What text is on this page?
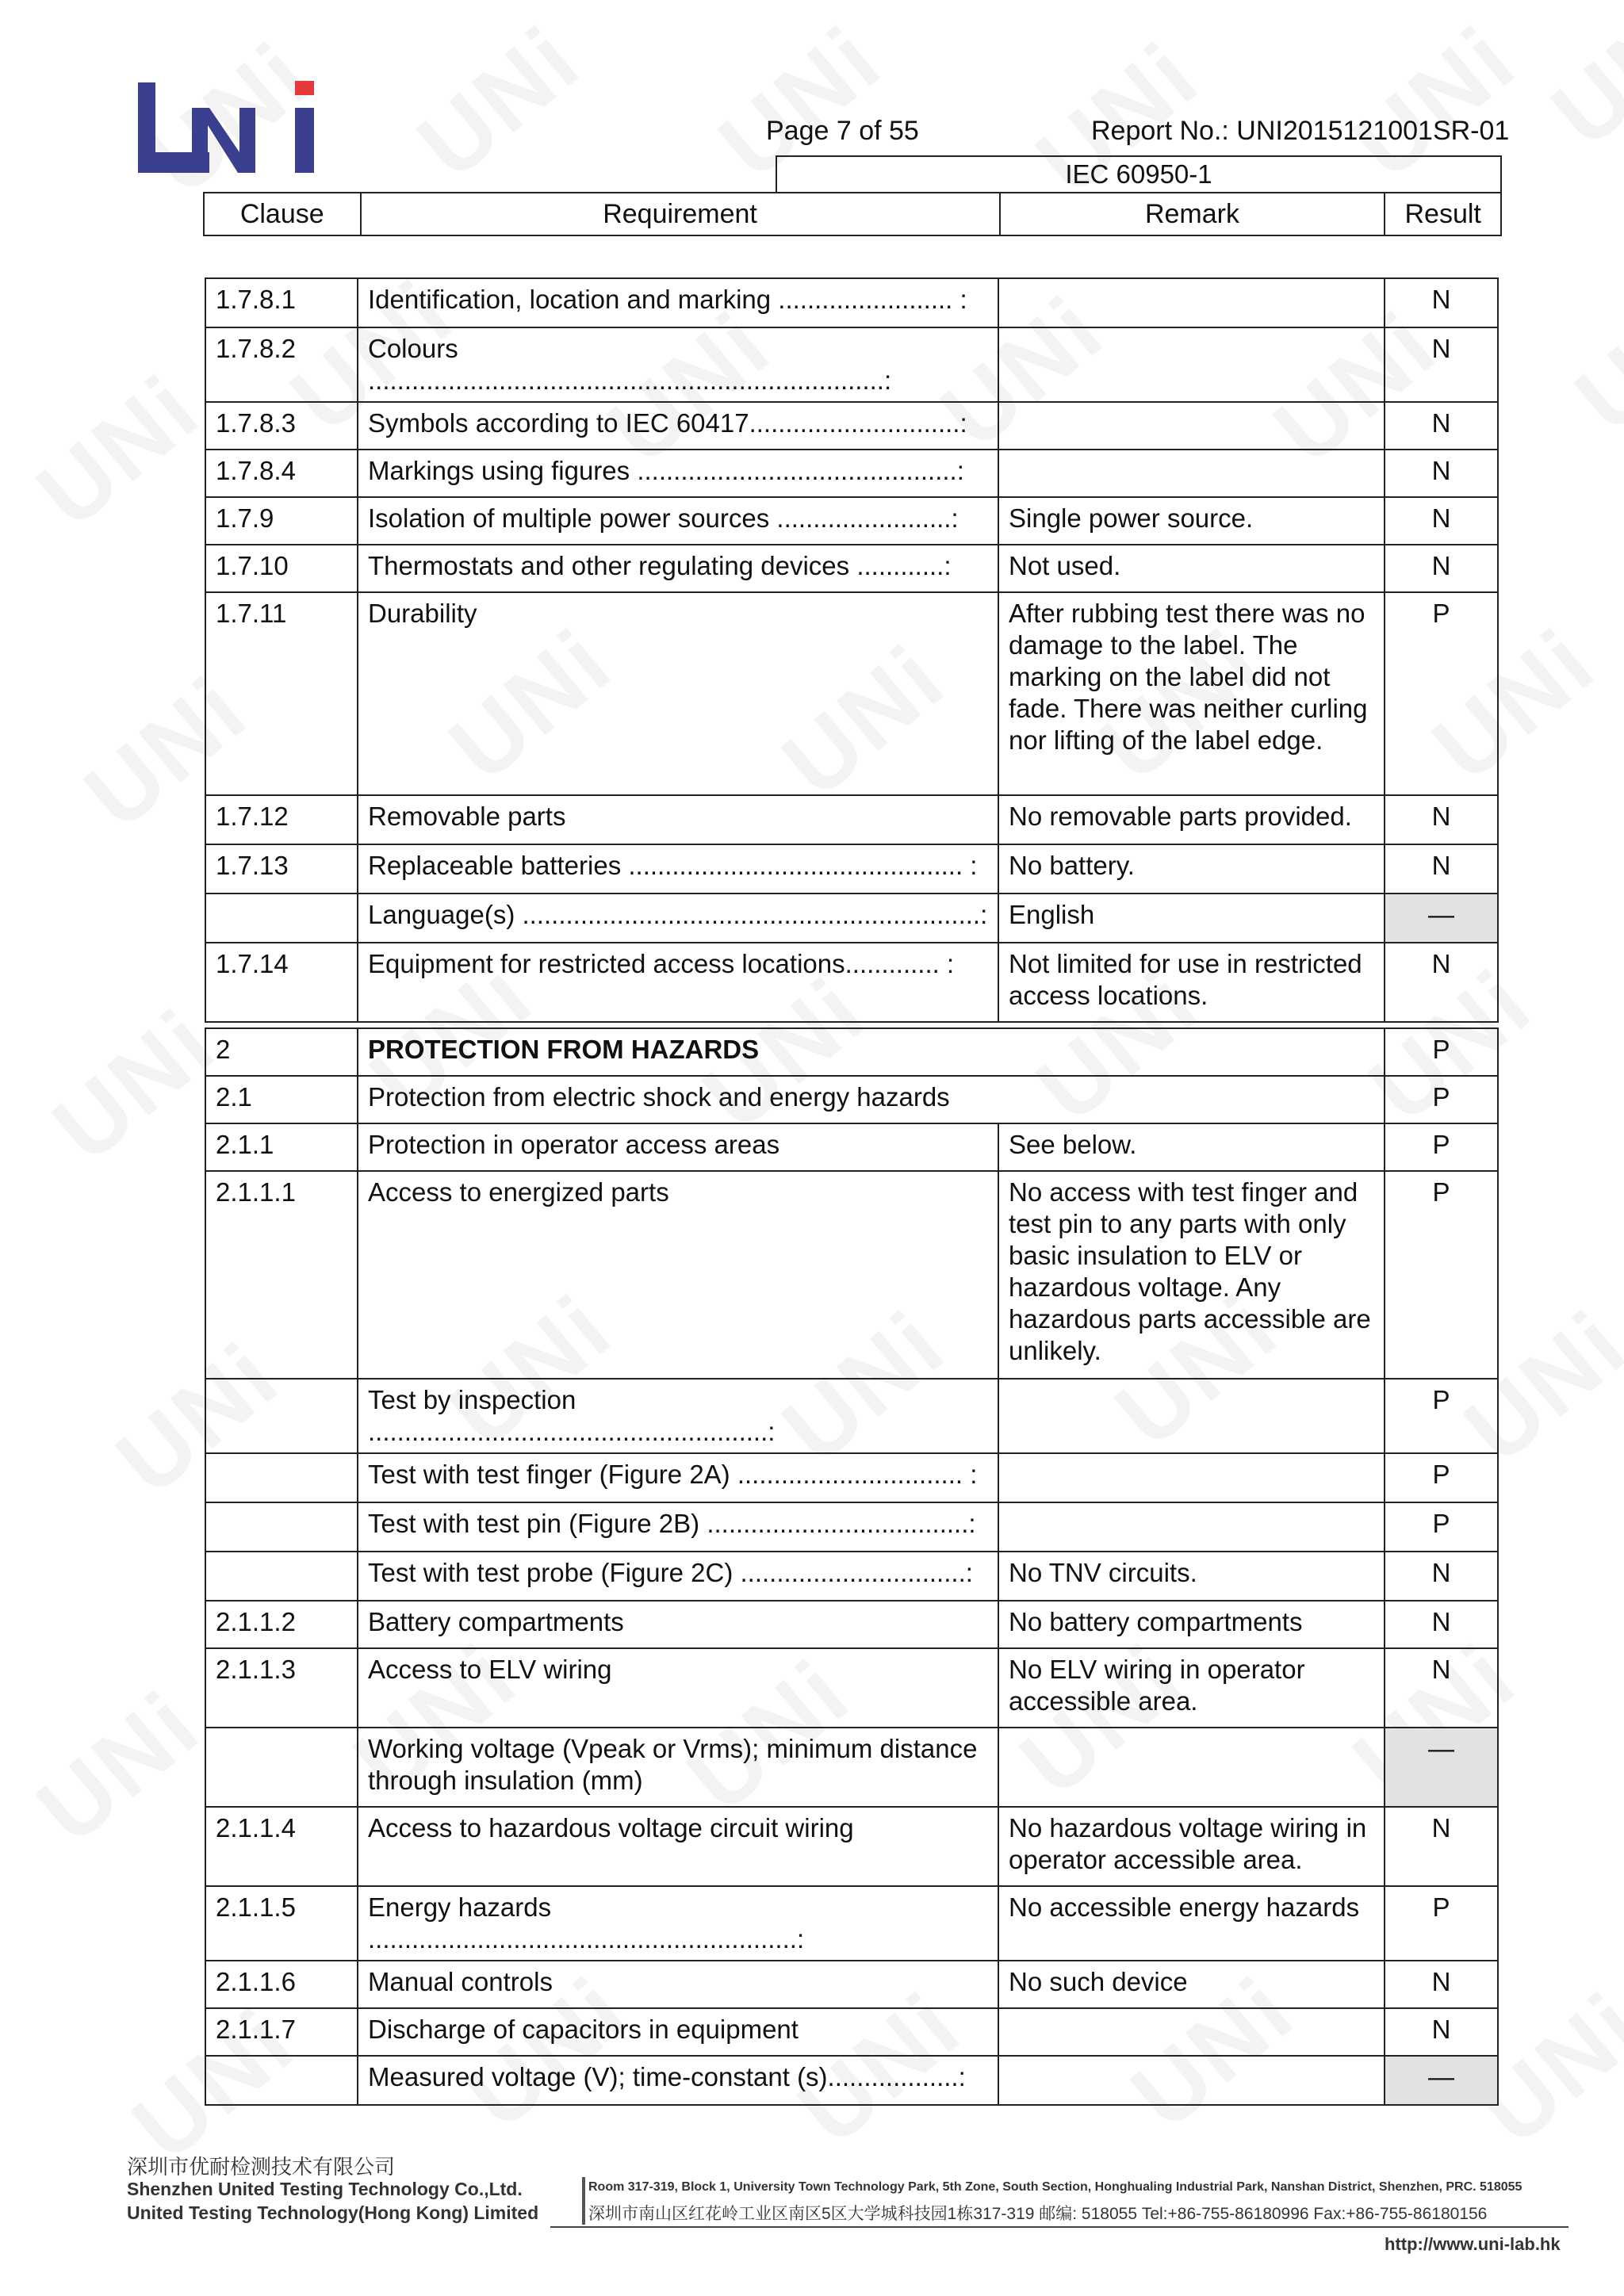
Page 7 of 55	Report No.: UNI2015121001SR-01
IEC 60950-1
Clause	Requirement	Remark	Result
1.7.8.1	Identification, location and marking ........................ :		N
1.7.8.2	Colours .......................................................................:		N
1.7.8.3	Symbols according to IEC 60417.............................:		N
1.7.8.4	Markings using figures ............................................:		N
1.7.9	Isolation of multiple power sources ........................:	Single power source.	N
1.7.10	Thermostats and other regulating devices ............:	Not used.	N
1.7.11	Durability	After rubbing test there was no damage to the label. The marking on the label did not fade. There was neither curling nor lifting of the label edge.	P
1.7.12	Removable parts	No removable parts provided.	N
1.7.13	Replaceable batteries .............................................. :	No battery.	N
	Language(s) ...............................................................:	English	—
1.7.14	Equipment for restricted access locations............. :	Not limited for use in restricted access locations.	N
2	PROTECTION FROM HAZARDS		P
2.1	Protection from electric shock and energy hazards		P
2.1.1	Protection in operator access areas	See below.	P
2.1.1.1	Access to energized parts	No access with test finger and test pin to any parts with only basic insulation to ELV or hazardous voltage. Any hazardous parts accessible are unlikely.	P
	Test by inspection .......................................................:		P
	Test with test finger (Figure 2A) ............................... :		P
	Test with test pin (Figure 2B) ....................................:		P
	Test with test probe (Figure 2C) ...............................:	No TNV circuits.	N
2.1.1.2	Battery compartments	No battery compartments	N
2.1.1.3	Access to ELV wiring	No ELV wiring in operator accessible area.	N
	Working voltage (Vpeak or Vrms); minimum distance through insulation (mm)		—
2.1.1.4	Access to hazardous voltage circuit wiring	No hazardous voltage wiring in operator accessible area.	N
2.1.1.5	Energy hazards ...........................................................:	No accessible energy hazards	P
2.1.1.6	Manual controls	No such device	N
2.1.1.7	Discharge of capacitors in equipment		N
	Measured voltage (V); time-constant (s)..................:		—
深圳市优耐检测技术有限公司
Shenzhen United Testing Technology Co.,Ltd.
United Testing Technology(Hong Kong) Limited
Room 317-319, Block 1, University Town Technology Park, 5th Zone, South Section, Honghualing Industrial Park, Nanshan District, Shenzhen, PRC. 518055
深圳市南山区红花岭工业区南区5区大学城科技园1栋317-319 邮编: 518055 Tel:+86-755-86180996 Fax:+86-755-86180156
http://www.uni-lab.hk
